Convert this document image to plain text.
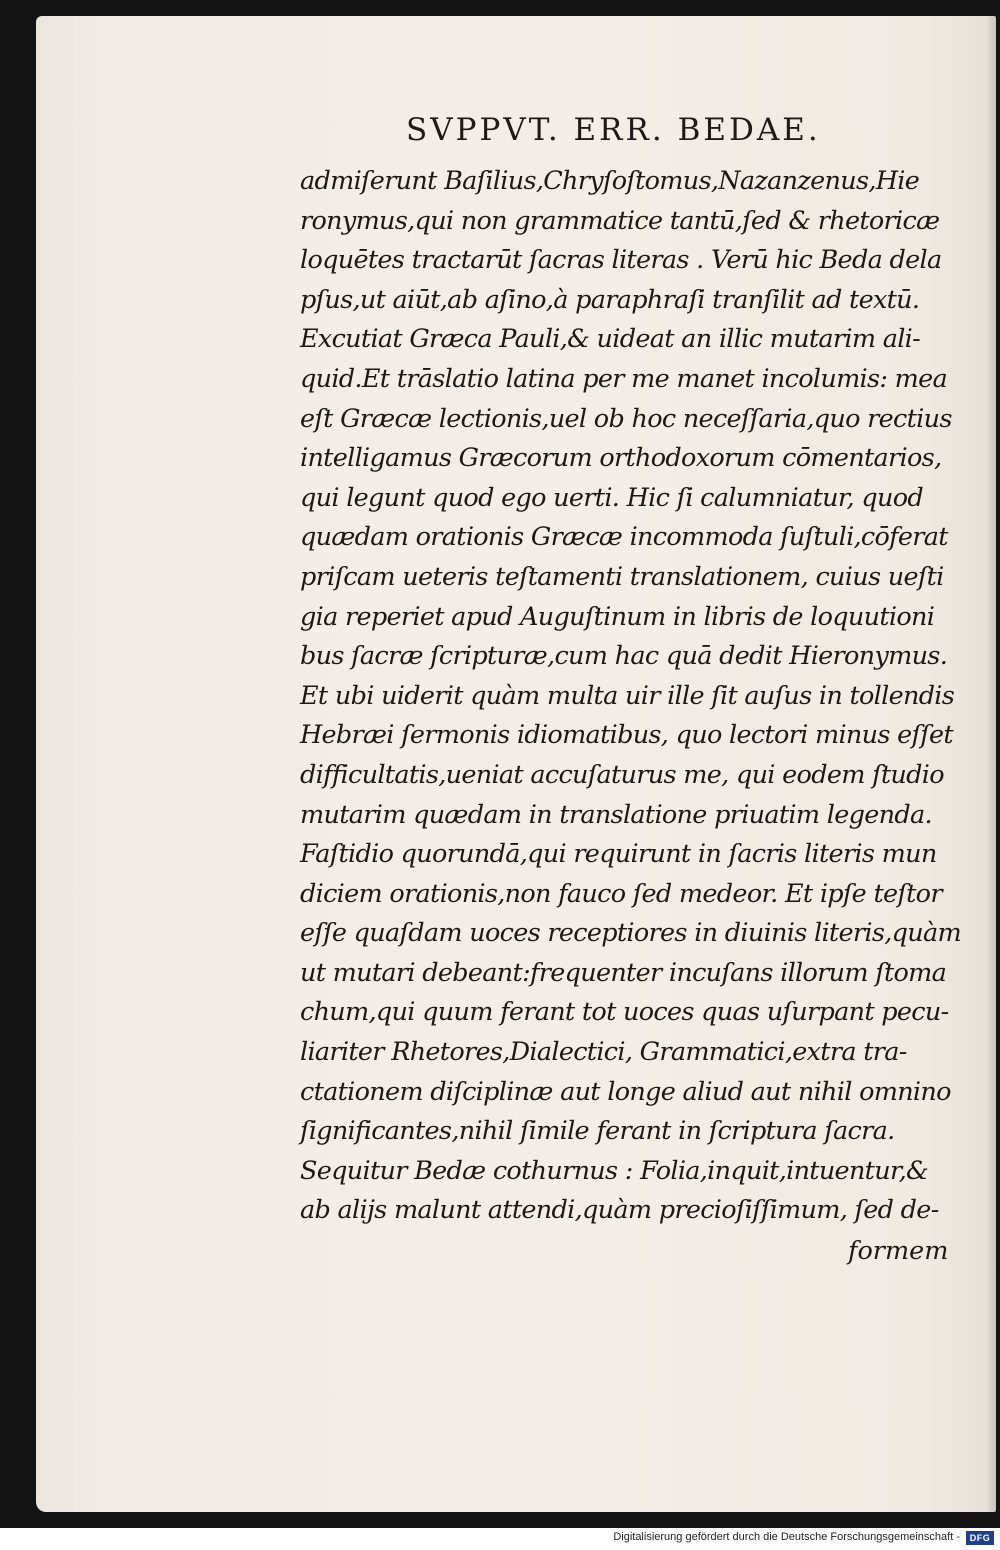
SVPPVT. ERR. BEDAE.
admiſerunt Baſilius,Chryſoſtomus,Nazanzenus,Hie
ronymus,qui non grammatice tantū,ſed & rhetoricæ
loquētes tractarūt ſacras literas . Verū hic Beda dela
pſus,ut aiūt,ab aſino,à paraphraſi tranſilit ad textū.
Excutiat Græca Pauli,& uideat an illic mutarim ali-
quid.Et trāslatio latina per me manet incolumis: mea
eſt Græcæ lectionis,uel ob hoc neceſſaria,quo rectius
intelligamus Græcorum orthodoxorum cōmentarios,
qui legunt quod ego uerti. Hic ſi calumniatur, quod
quædam orationis Græcæ incommoda ſuſtuli,cōferat
priſcam ueteris teſtamenti translationem, cuius ueſti
gia reperiet apud Auguſtinum in libris de loquutioni
bus ſacræ ſcripturæ,cum hac quā dedit Hieronymus.
Et ubi uiderit quàm multa uir ille ſit auſus in tollendis
Hebræi ſermonis idiomatibus, quo lectori minus eſſet
difficultatis,ueniat accuſaturus me, qui eodem ſtudio
mutarim quædam in translatione priuatim legenda.
Faſtidio quorundā,qui requirunt in ſacris literis mun
diciem orationis,non fauco ſed medeor. Et ipſe teſtor
eſſe quaſdam uoces receptiores in diuinis literis,quàm
ut mutari debeant:frequenter incuſans illorum ſtoma
chum,qui quum ferant tot uoces quas uſurpant pecu-
liariter Rhetores,Dialectici, Grammatici,extra tra-
ctationem diſciplinæ aut longe aliud aut nihil omnino
ſignificantes,nihil ſimile ferant in ſcriptura ſacra.
Sequitur Bedæ cothurnus : Folia,inquit,intuentur,&
ab alijs malunt attendi,quàm precioſiſſimum, ſed de-

formem

Digitalisierung gefördert durch die Deutsche Forschungsgemeinschaft -	DFG
